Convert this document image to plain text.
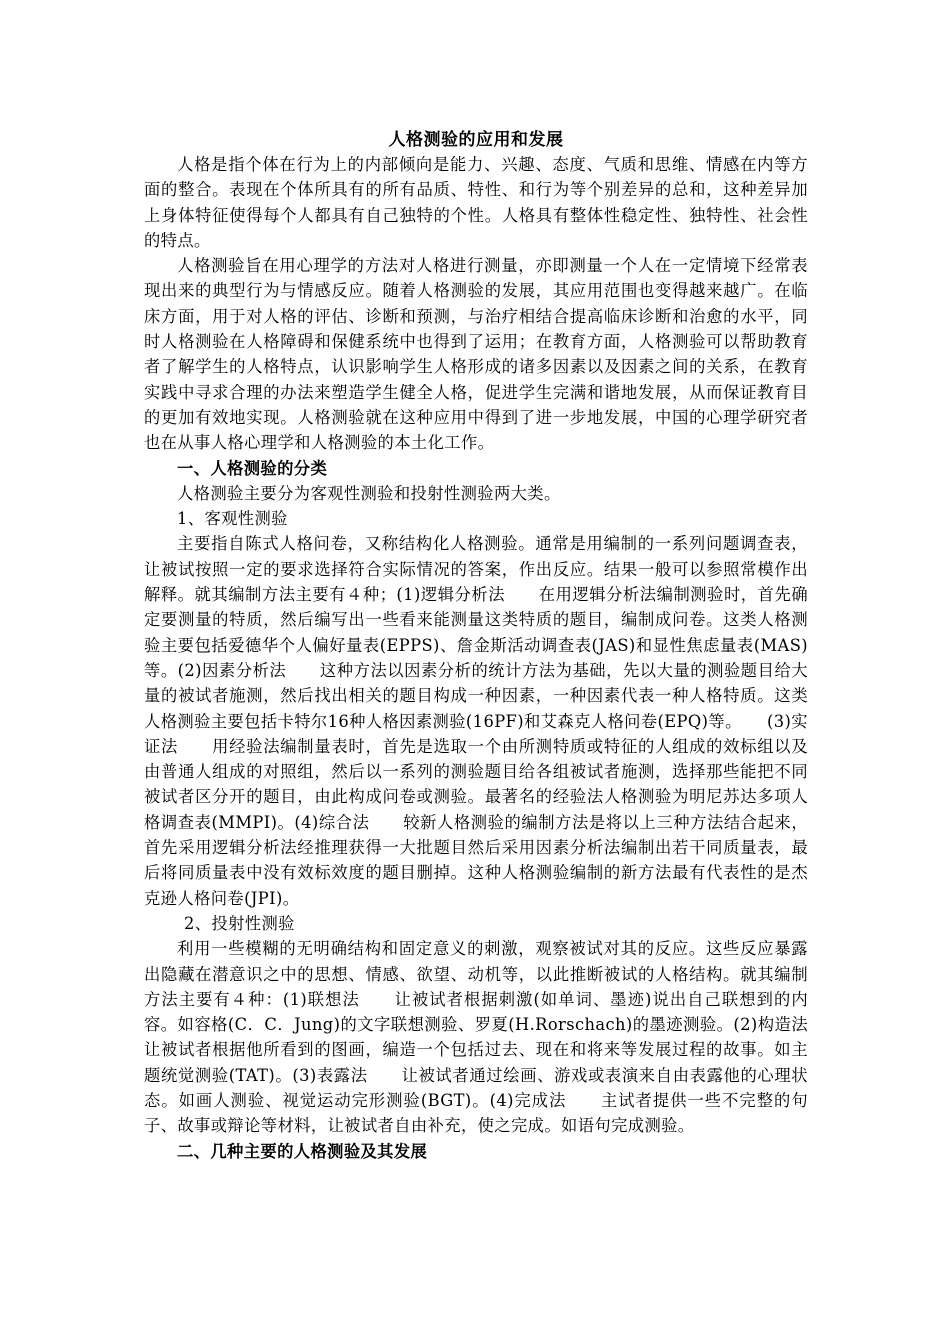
人格测验的应用和发展

人格是指个体在行为上的内部倾向是能力、兴趣、态度、气质和思维、情感在内等方面的整合。表现在个体所具有的所有品质、特性、和行为等个别差异的总和，这种差异加上身体特征使得每个人都具有自己独特的个性。人格具有整体性稳定性、独特性、社会性的特点。

人格测验旨在用心理学的方法对人格进行测量，亦即测量一个人在一定情境下经常表现出来的典型行为与情感反应。随着人格测验的发展，其应用范围也变得越来越广。在临床方面，用于对人格的评估、诊断和预测，与治疗相结合提高临床诊断和治愈的水平，同时人格测验在人格障碍和保健系统中也得到了运用；在教育方面，人格测验可以帮助教育者了解学生的人格特点，认识影响学生人格形成的诸多因素以及因素之间的关系，在教育实践中寻求合理的办法来塑造学生健全人格，促进学生完满和谐地发展，从而保证教育目的更加有效地实现。人格测验就在这种应用中得到了进一步地发展，中国的心理学研究者也在从事人格心理学和人格测验的本土化工作。

一、人格测验的分类

人格测验主要分为客观性测验和投射性测验两大类。

1、客观性测验

主要指自陈式人格问卷，又称结构化人格测验。通常是用编制的一系列问题调查表，让被试按照一定的要求选择符合实际情况的答案，作出反应。结果一般可以参照常模作出解释。就其编制方法主要有４种；(1)逻辑分析法　　在用逻辑分析法编制测验时，首先确定要测量的特质，然后编写出一些看来能测量这类特质的题目，编制成问卷。这类人格测验主要包括爱德华个人偏好量表(EPPS)、詹金斯活动调查表(JAS)和显性焦虑量表(MAS)等。(2)因素分析法　　这种方法以因素分析的统计方法为基础，先以大量的测验题目给大量的被试者施测，然后找出相关的题目构成一种因素，一种因素代表一种人格特质。这类人格测验主要包括卡特尔16种人格因素测验(16PF)和艾森克人格问卷(EPQ)等。　　(3)实证法　　用经验法编制量表时，首先是选取一个由所测特质或特征的人组成的效标组以及由普通人组成的对照组，然后以一系列的测验题目给各组被试者施测，选择那些能把不同被试者区分开的题目，由此构成问卷或测验。最著名的经验法人格测验为明尼苏达多项人格调查表(MMPI)。(4)综合法　　较新人格测验的编制方法是将以上三种方法结合起来，首先采用逻辑分析法经推理获得一大批题目然后采用因素分析法编制出若干同质量表，最后将同质量表中没有效标效度的题目删掉。这种人格测验编制的新方法最有代表性的是杰克逊人格问卷(JPI)。

2、投射性测验

利用一些模糊的无明确结构和固定意义的刺激，观察被试对其的反应。这些反应暴露出隐藏在潜意识之中的思想、情感、欲望、动机等，以此推断被试的人格结构。就其编制方法主要有４种：(1)联想法　　让被试者根据刺激(如单词、墨迹)说出自己联想到的内容。如容格(C．C．Jung)的文字联想测验、罗夏(H.Rorschach)的墨迹测验。(2)构造法　　让被试者根据他所看到的图画，编造一个包括过去、现在和将来等发展过程的故事。如主题统觉测验(TAT)。(3)表露法　　让被试者通过绘画、游戏或表演来自由表露他的心理状态。如画人测验、视觉运动完形测验(BGT)。(4)完成法　　主试者提供一些不完整的句子、故事或辩论等材料，让被试者自由补充，使之完成。如语句完成测验。

二、几种主要的人格测验及其发展
